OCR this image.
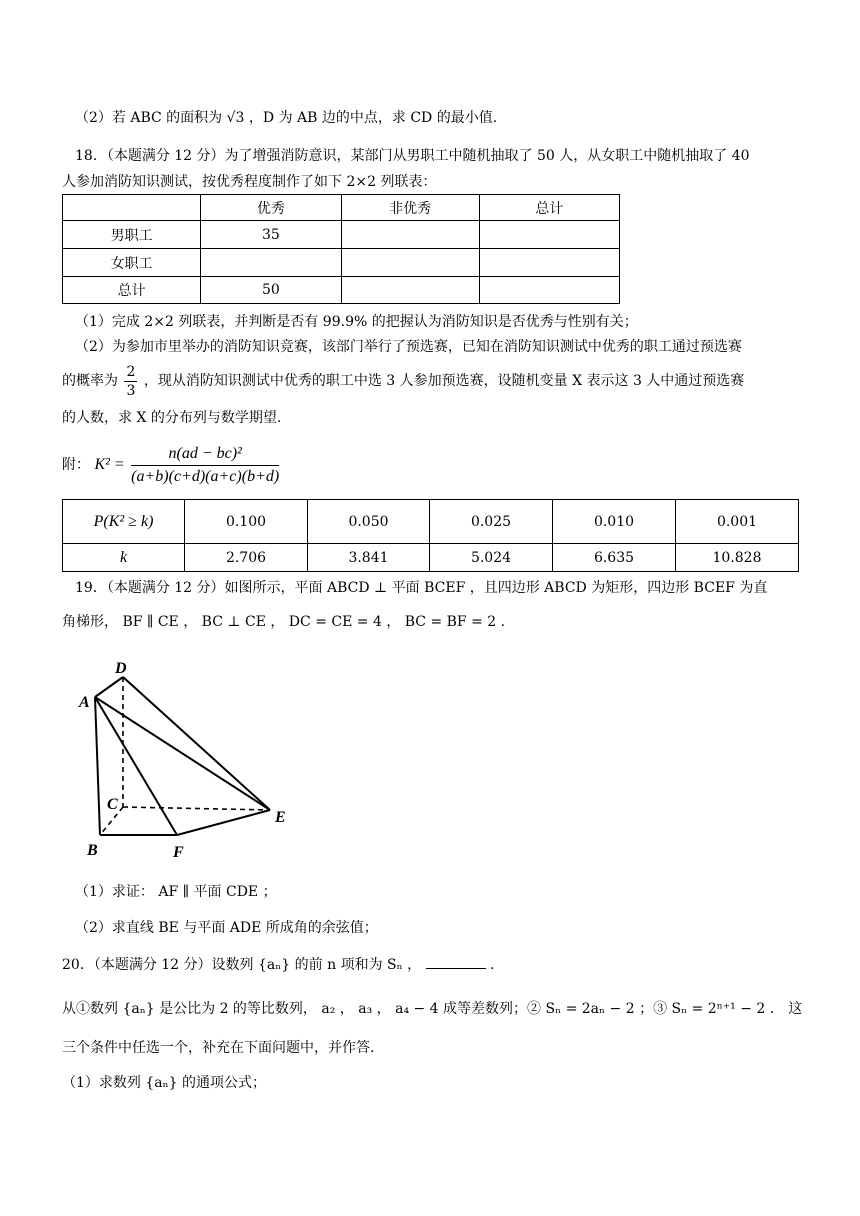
（2）若 ABC 的面积为 √3 ，D 为 AB 边的中点，求 CD 的最小值.
18．（本题满分 12 分）为了增强消防意识，某部门从男职工中随机抽取了 50 人，从女职工中随机抽取了 40
人参加消防知识测试，按优秀程度制作了如下 2×2 列联表：
	优秀	非优秀	总计
男职工	35		
女职工			
总计	50		
（1）完成 2×2 列联表，并判断是否有 99.9% 的把握认为消防知识是否优秀与性别有关；
（2）为参加市里举办的消防知识竞赛，该部门举行了预选赛，已知在消防知识测试中优秀的职工通过预选赛
的概率为 $\frac{2}{3}$ ，现从消防知识测试中优秀的职工中选 3 人参加预选赛，设随机变量 X 表示这 3 人中通过预选赛
的人数，求 X 的分布列与数学期望.
附： $K^2 = \frac{\text{n(ad − bc)²}}{(a+b)(c+d)(a+c)(b+d)}$
P(K² ≥ k)	0.100	0.050	0.025	0.010	0.001
k	2.706	3.841	5.024	6.635	10.828
19．（本题满分 12 分）如图所示，平面 ABCD ⊥ 平面 BCEF ，且四边形 ABCD 为矩形，四边形 BCEF 为直
角梯形， BF ∥ CE ， BC ⊥ CE ， DC = CE = 4 ， BC = BF = 2 .
D
A
C
B	F
E
（1）求证： AF ∥ 平面 CDE ；
（2）求直线 BE 与平面 ADE 所成角的余弦值；
20．（本题满分 12 分）设数列 {aₙ} 的前 n 项和为 Sₙ ，	.
从①数列 {aₙ} 是公比为 2 的等比数列， a₂ ， a₃ ， a₄ − 4 成等差数列；② Sₙ = 2aₙ − 2 ；③ Sₙ = 2ⁿ⁺¹ − 2 ． 这
三个条件中任选一个，补充在下面问题中，并作答.
（1）求数列 {aₙ} 的通项公式；
